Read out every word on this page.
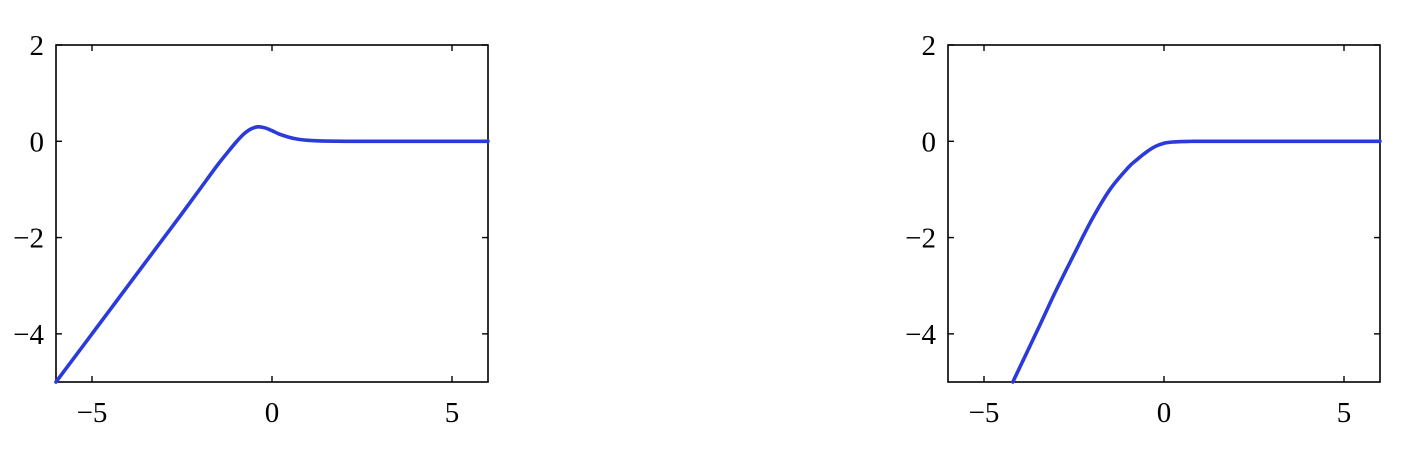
−5	0	5
−4
−2
0
2
−5	0	5
−4
−2
0
2
